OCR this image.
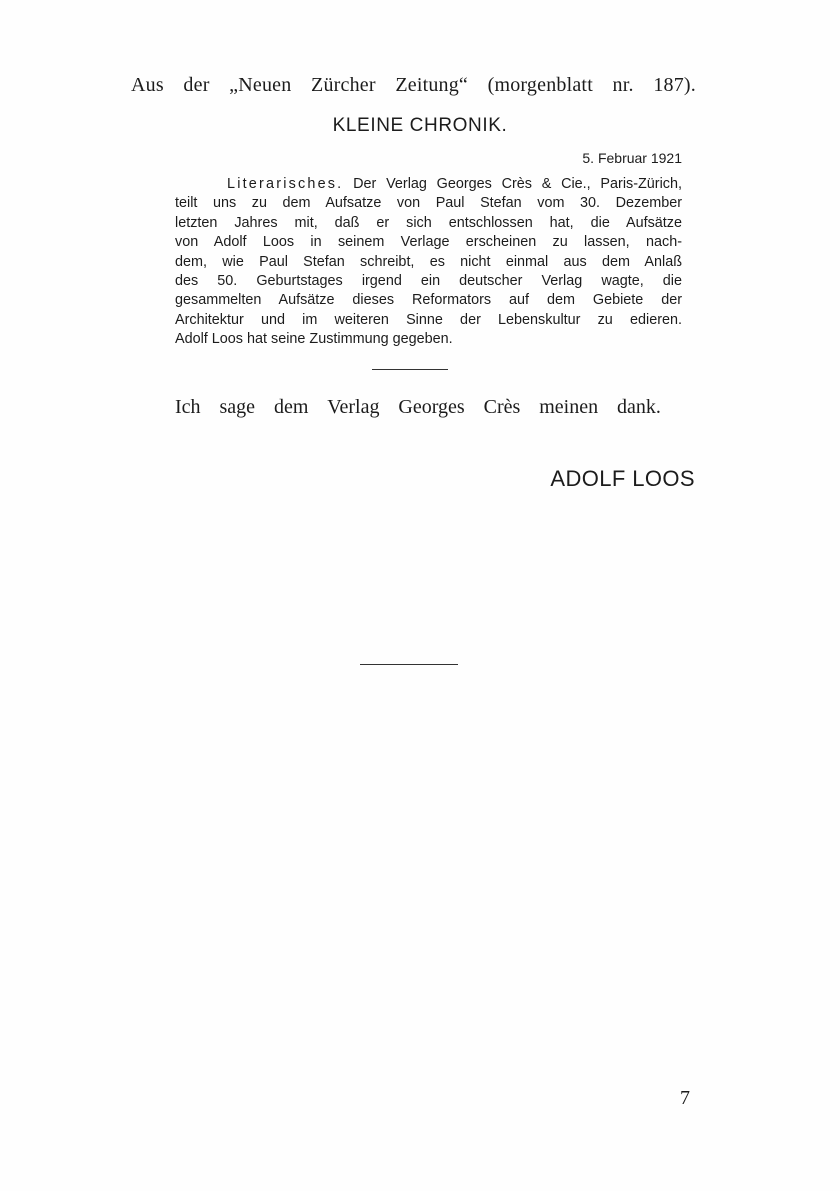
Aus der „Neuen Zürcher Zeitung“ (morgenblatt nr. 187).
KLEINE CHRONIK.
5. Februar 1921
Literarisches. Der Verlag Georges Crès & Cie., Paris-Zürich,
teilt uns zu dem Aufsatze von Paul Stefan vom 30. Dezember
letzten Jahres mit, daß er sich entschlossen hat, die Aufsätze
von Adolf Loos in seinem Verlage erscheinen zu lassen, nach-
dem, wie Paul Stefan schreibt, es nicht einmal aus dem Anlaß
des 50. Geburtstages irgend ein deutscher Verlag wagte, die
gesammelten Aufsätze dieses Reformators auf dem Gebiete der
Architektur und im weiteren Sinne der Lebenskultur zu edieren.
Adolf Loos hat seine Zustimmung gegeben.
Ich sage dem Verlag Georges Crès meinen dank.
ADOLF LOOS
7
